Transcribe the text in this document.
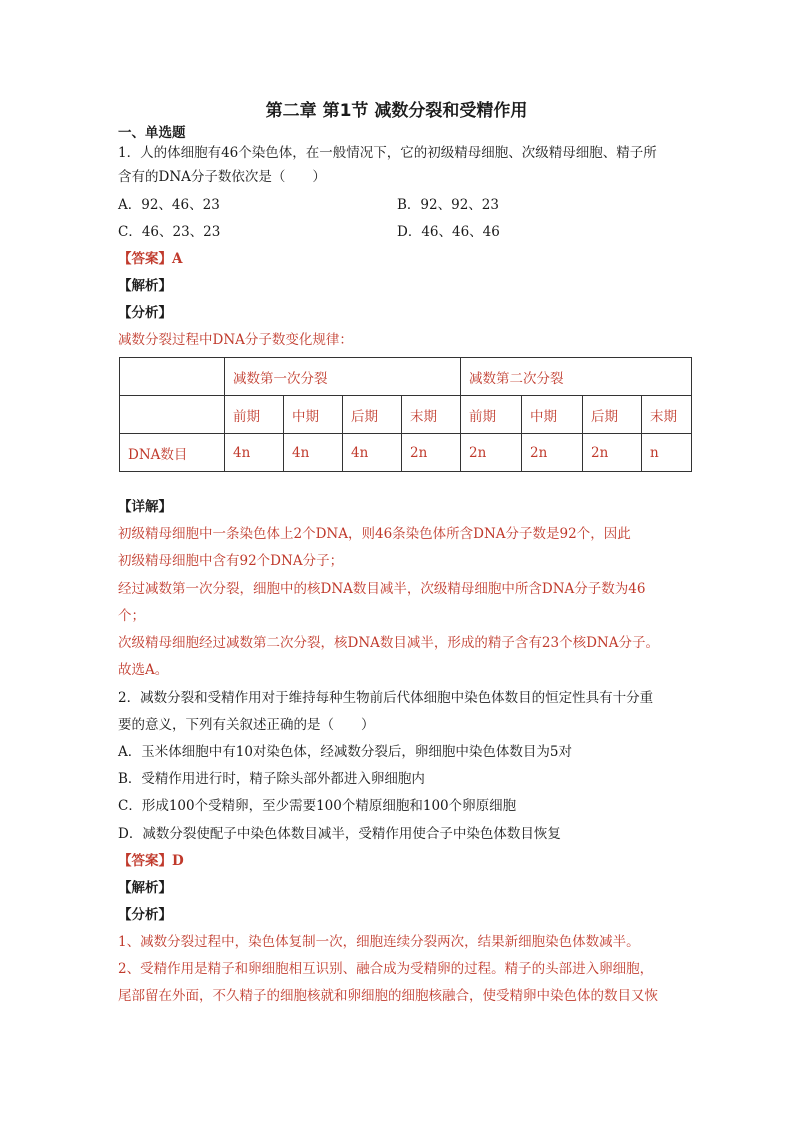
第二章 第1节 减数分裂和受精作用
一、单选题
1．人的体细胞有46个染色体，在一般情况下，它的初级精母细胞、次级精母细胞、精子所
含有的DNA分子数依次是（　　）
A．92、46、23	B．92、92、23
C．46、23、23	D．46、46、46
【答案】A
【解析】
【分析】
减数分裂过程中DNA分子数变化规律：
	减数第一次分裂				减数第二次分裂			
	前期	中期	后期	末期	前期	中期	后期	末期
DNA数目	4n	4n	4n	2n	2n	2n	2n	n
【详解】
初级精母细胞中一条染色体上2个DNA，则46条染色体所含DNA分子数是92个，因此
初级精母细胞中含有92个DNA分子；
经过减数第一次分裂，细胞中的核DNA数目减半，次级精母细胞中所含DNA分子数为46
个；
次级精母细胞经过减数第二次分裂，核DNA数目减半，形成的精子含有23个核DNA分子。
故选A。
2．减数分裂和受精作用对于维持每种生物前后代体细胞中染色体数目的恒定性具有十分重
要的意义，下列有关叙述正确的是（　　）
A．玉米体细胞中有10对染色体，经减数分裂后，卵细胞中染色体数目为5对
B．受精作用进行时，精子除头部外都进入卵细胞内
C．形成100个受精卵，至少需要100个精原细胞和100个卵原细胞
D．减数分裂使配子中染色体数目减半，受精作用使合子中染色体数目恢复
【答案】D
【解析】
【分析】
1、减数分裂过程中，染色体复制一次，细胞连续分裂两次，结果新细胞染色体数减半。
2、受精作用是精子和卵细胞相互识别、融合成为受精卵的过程。精子的头部进入卵细胞，
尾部留在外面，不久精子的细胞核就和卵细胞的细胞核融合，使受精卵中染色体的数目又恢
